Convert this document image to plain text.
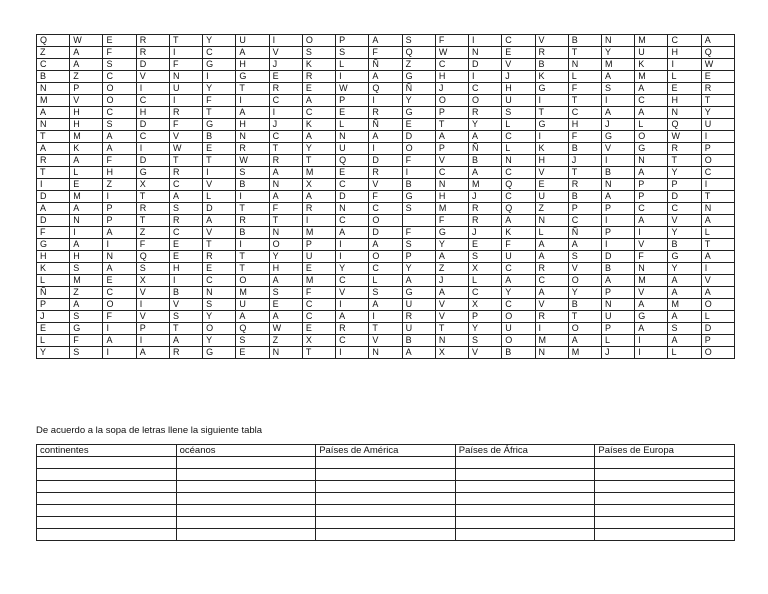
Q	W	E	R	T	Y	U	I	O	P	A	S	F	I	C	V	B	N	M	C	A
Z	A	F	R	I	C	A	V	S	S	F	Q	W	N	E	R	T	Y	U	H	Q
C	A	S	D	F	G	H	J	K	L	Ñ	Z	C	D	V	B	N	M	K	I	W
B	Z	C	V	N	I	G	E	R	I	A	G	H	I	J	K	L	A	M	L	E
N	P	O	I	U	Y	T	R	E	W	Q	Ñ	J	C	H	G	F	S	A	E	R
M	V	O	C	I	F	I	C	A	P	I	Y	O	O	U	I	T	I	C	H	T
A	H	C	H	R	T	A	I	C	E	R	G	P	R	S	T	C	A	A	N	Y
N	H	S	D	F	G	H	J	K	L	Ñ	E	T	Y	L	G	H	J	L	Q	U
T	M	A	C	V	B	N	C	A	N	A	D	A	A	C	I	F	G	O	W	I
A	K	A	I	W	E	R	T	Y	U	I	O	P	Ñ	L	K	B	V	G	R	P
R	A	F	D	T	T	W	R	T	Q	D	F	V	B	N	H	J	I	N	T	O
T	L	H	G	R	I	S	A	M	E	R	I	C	A	C	V	T	B	A	Y	C
I	E	Z	X	C	V	B	N	X	C	V	B	N	M	Q	E	R	N	P	P	I
D	M	I	T	A	L	I	A	A	D	F	G	H	J	C	U	B	A	P	D	T
A	A	P	R	S	D	T	F	R	N	C	S	M	R	Q	Z	P	P	C	C	N
D	N	P	T	R	A	R	T	I	C	O		F	R	A	N	C	I	A	V	A
F	I	A	Z	C	V	B	N	M	A	D	F	G	J	K	L	Ñ	P	I	Y	L
G	A	I	F	E	T	I	O	P	I	A	S	Y	E	F	A	A	I	V	B	T
H	H	N	Q	E	R	T	Y	U	I	O	P	A	S	U	A	S	D	F	G	A
K	S	A	S	H	E	T	H	E	Y	C	Y	Z	X	C	R	V	B	N	Y	I
L	M	E	X	I	C	O	A	M	C	L	A	J	L	A	C	O	A	M	A	V
Ñ	Z	C	V	B	N	M	S	F	V	S	G	A	C	Y	A	Y	P	V	A	A
P	A	O	I	V	S	U	E	C	I	A	U	V	X	C	V	B	N	A	M	O
J	S	F	V	S	Y	A	A	C	A	I	R	V	P	O	R	T	U	G	A	L
E	G	I	P	T	O	Q	W	E	R	T	U	T	Y	U	I	O	P	A	S	D
L	F	A	I	A	Y	S	Z	X	C	V	B	N	S	O	M	A	L	I	A	P
Y	S	I	A	R	G	E	N	T	I	N	A	X	V	B	N	M	J	I	L	O
De acuerdo a la sopa de letras llene la siguiente tabla
continentes	océanos	Países de América	Países de África	Países de Europa
